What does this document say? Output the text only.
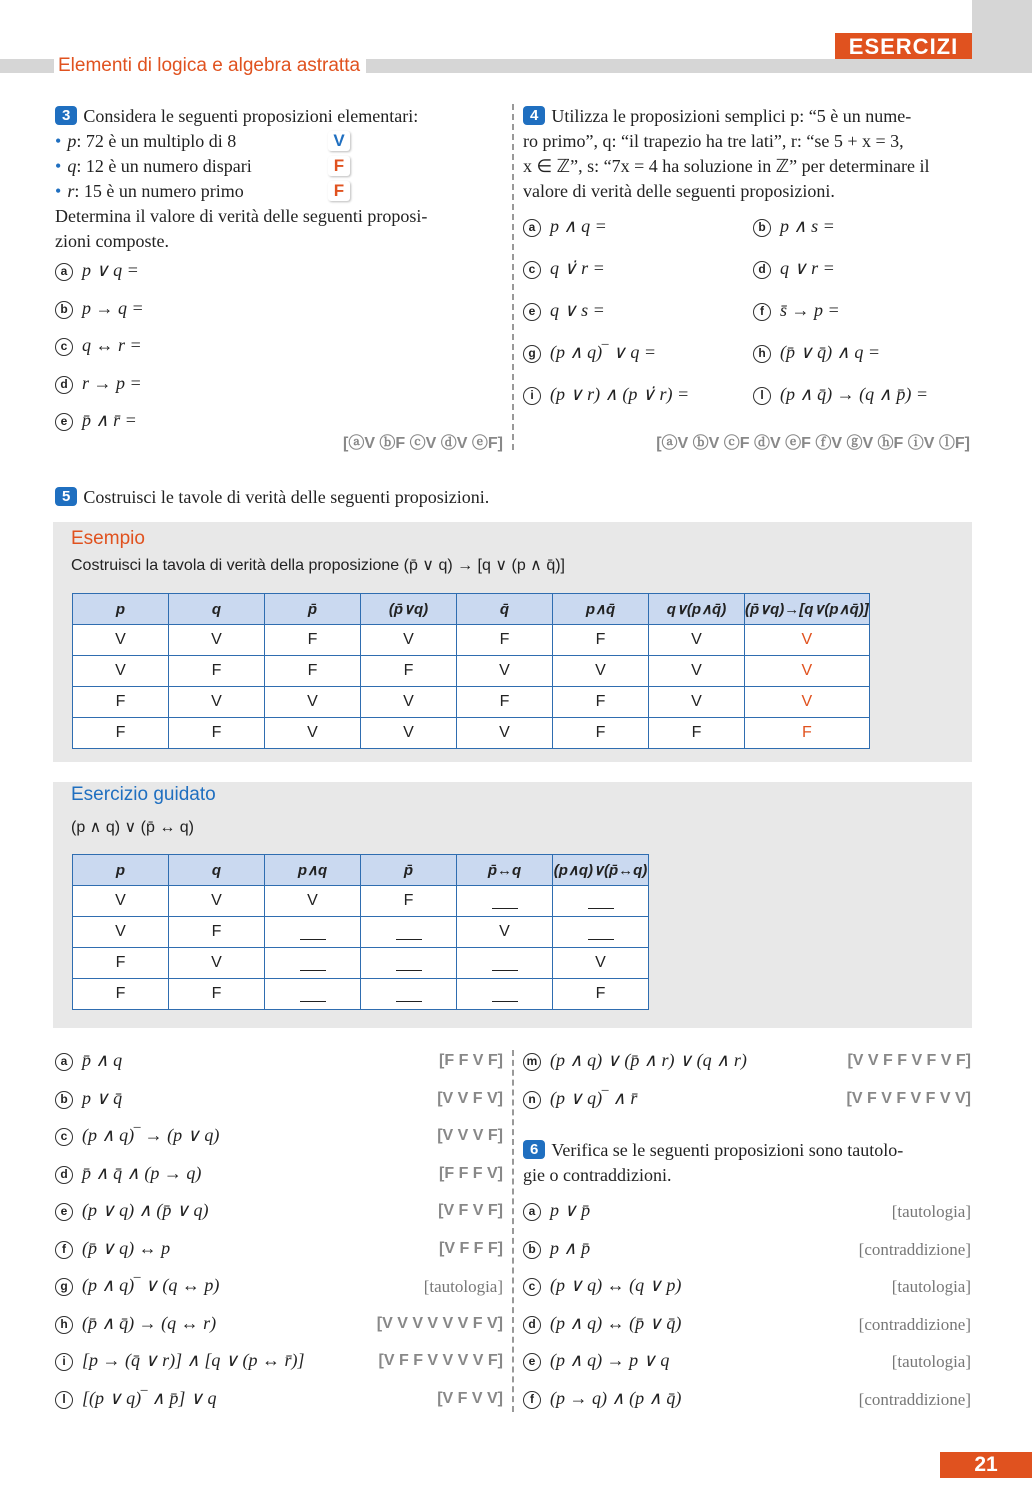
Elementi di logica e algebra astratta
ESERCIZI
3 Considera le seguenti proposizioni elementari:
• p: 72 è un multiplo di 8	V
• q: 12 è un numero dispari	F
• r: 15 è un numero primo	F
Determina il valore di verità delle seguenti proposi-
zioni composte.
a p ∨ q =
b p → q =
c q ↔ r =
d r → p =
e p̄ ∧ r̄ =
[ⓐV ⓑF ⓒV ⓓV ⓔF]
4 Utilizza le proposizioni semplici p: “5 è un nume-
ro primo”, q: “il trapezio ha tre lati”, r: “se 5 + x = 3,
x ∈ ℤ”, s: “7x = 4 ha soluzione in ℤ” per determinare il
valore di verità delle seguenti proposizioni.
a p ∧ q =	b p ∧ s =
c q ∨̇ r =	d q ∨ r =
e q ∨ s =	f s̄ → p =
g (p ∧ q)‾ ∨ q =	h (p̄ ∨ q̄) ∧ q =
i (p ∨ r) ∧ (p ∨̇ r) =	l (p ∧ q̄) → (q ∧ p̄) =
[ⓐV ⓑV ⓒF ⓓV ⓔF ⓕV ⓖV ⓗF ⓘV ⓛF]
5 Costruisci le tavole di verità delle seguenti proposizioni.
Esempio
Costruisci la tavola di verità della proposizione (p̄ ∨ q) → [q ∨ (p ∧ q̄)]
p	q	p̄	(p̄∨q)	q̄	p∧q̄	q∨(p∧q̄)	(p̄∨q)→[q∨(p∧q̄)]
V	V	F	V	F	F	V	V
V	F	F	F	V	V	V	V
F	V	V	V	F	F	V	V
F	F	V	V	V	F	F	F
Esercizio guidato
(p ∧ q) ∨ (p̄ ↔ q)
p	q	p∧q	p̄	p̄↔q	(p∧q)∨(p̄↔q)
V	V	V	F		
V	F			V	
F	V				V
F	F				F
a p̄ ∧ q	[F F V F]
b p ∨ q̄	[V V F V]
c (p ∧ q)‾ → (p ∨ q)	[V V V F]
d p̄ ∧ q̄ ∧ (p → q)	[F F F V]
e (p ∨ q) ∧ (p̄ ∨ q)	[V F V F]
f (p̄ ∨ q) ↔ p	[V F F F]
g (p ∧ q)‾ ∨ (q ↔ p)	[tautologia]
h (p̄ ∧ q̄) → (q ↔ r)	[V V V V V V F V]
i [p → (q̄ ∨ r)] ∧ [q ∨ (p ↔ r̄)]	[V F F V V V V F]
l [(p ∨ q)‾ ∧ p̄] ∨ q	[V F V V]
m (p ∧ q) ∨ (p̄ ∧ r) ∨ (q ∧ r)	[V V F F V F V F]
n (p ∨ q)‾ ∧ r̄	[V F V F V F V V]
6 Verifica se le seguenti proposizioni sono tautolo-
gie o contraddizioni.
a p ∨ p̄	[tautologia]
b p ∧ p̄	[contraddizione]
c (p ∨ q) ↔ (q ∨ p)	[tautologia]
d (p ∧ q) ↔ (p̄ ∨ q̄)	[contraddizione]
e (p ∧ q) → p ∨ q	[tautologia]
f (p → q) ∧ (p ∧ q̄)	[contraddizione]
21
